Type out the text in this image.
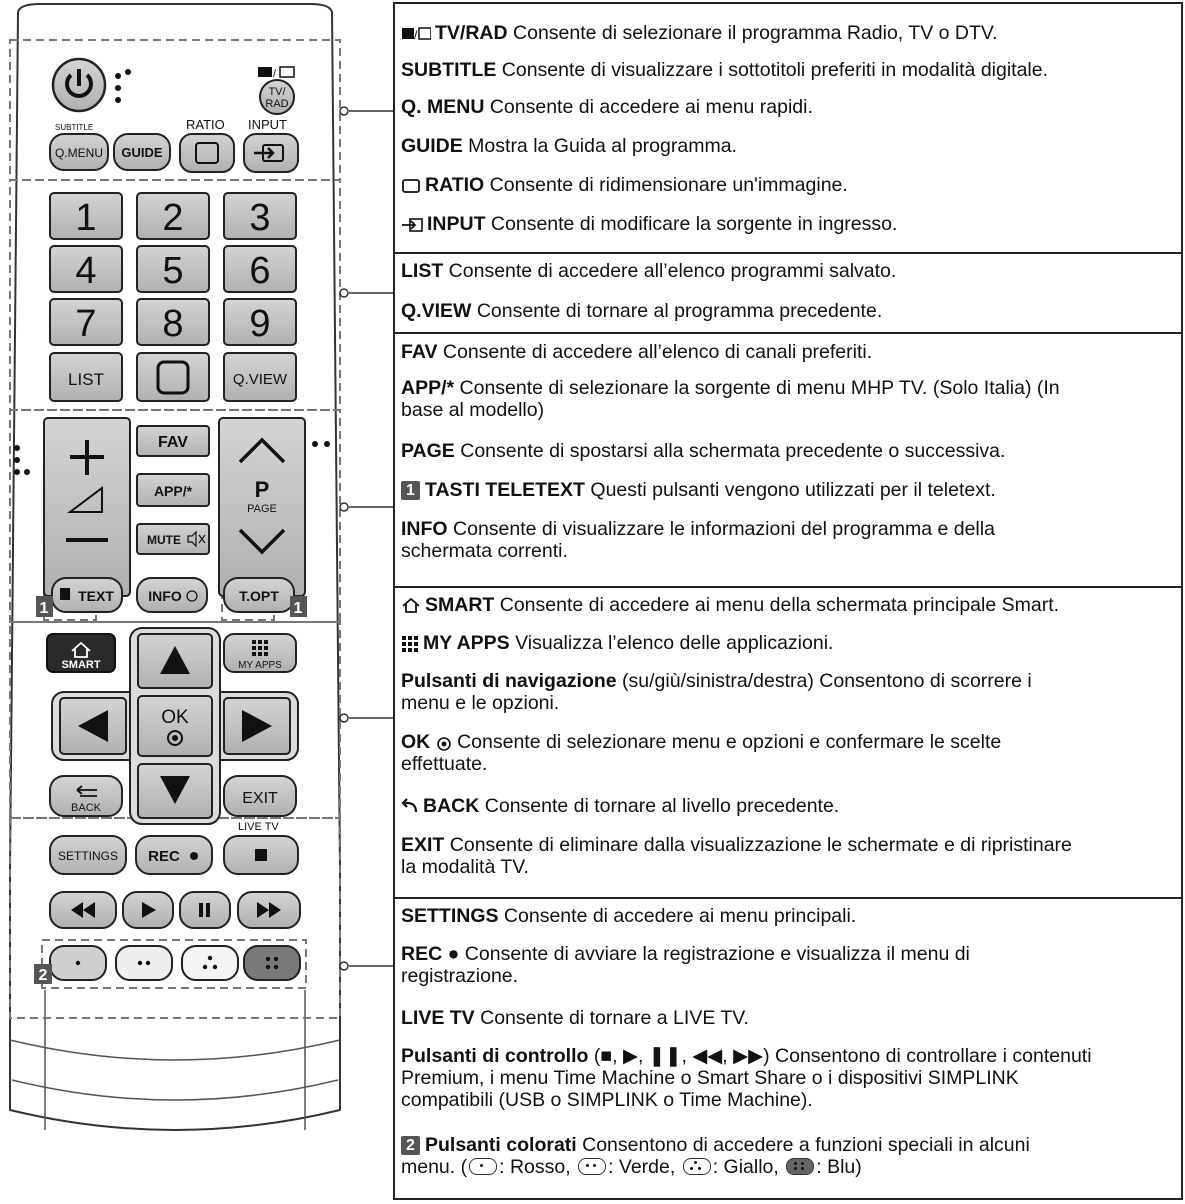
/
TV/
RAD
SUBTITLE	RATIO INPUT
Q.MENU GUIDE
1 2 3
4 5 6
7 8 9
LIST	Q.VIEW
FAV
APP/*
MUTE
P
PAGE
TEXT INFO	T.OPT
1	1
SMART	MY APPS
OK
BACK
EXIT
LIVE TV
SETTINGS REC
2
/ TV/RAD Consente di selezionare il programma Radio, TV o DTV.
SUBTITLE Consente di visualizzare i sottotitoli preferiti in modalità digitale.
Q. MENU Consente di accedere ai menu rapidi.
GUIDE Mostra la Guida al programma.
RATIO Consente di ridimensionare un'immagine.
INPUT Consente di modificare la sorgente in ingresso.
LIST Consente di accedere all’elenco programmi salvato.
Q.VIEW Consente di tornare al programma precedente.
FAV Consente di accedere all’elenco di canali preferiti.
APP/* Consente di selezionare la sorgente di menu MHP TV. (Solo Italia) (In
base al modello)
PAGE Consente di spostarsi alla schermata precedente o successiva.
1 TASTI TELETEXT Questi pulsanti vengono utilizzati per il teletext.
INFO Consente di visualizzare le informazioni del programma e della
schermata correnti.
SMART Consente di accedere ai menu della schermata principale Smart.
MY APPS Visualizza l’elenco delle applicazioni.
Pulsanti di navigazione (su/giù/sinistra/destra) Consentono di scorrere i
menu e le opzioni.
OK  Consente di selezionare menu e opzioni e confermare le scelte
effettuate.
BACK Consente di tornare al livello precedente.
EXIT Consente di eliminare dalla visualizzazione le schermate e di ripristinare
la modalità TV.
SETTINGS Consente di accedere ai menu principali.
REC ● Consente di avviare la registrazione e visualizza il menu di
registrazione.
LIVE TV Consente di tornare a LIVE TV.
Pulsanti di controllo (■, ▶, ❚❚, ◀◀, ▶▶) Consentono di controllare i contenuti
Premium, i menu Time Machine o Smart Share o i dispositivi SIMPLINK
compatibili (USB o SIMPLINK o Time Machine).
2 Pulsanti colorati Consentono di accedere a funzioni speciali in alcuni
menu. ( : Rosso,
: Verde,
: Giallo,
: Blu)
